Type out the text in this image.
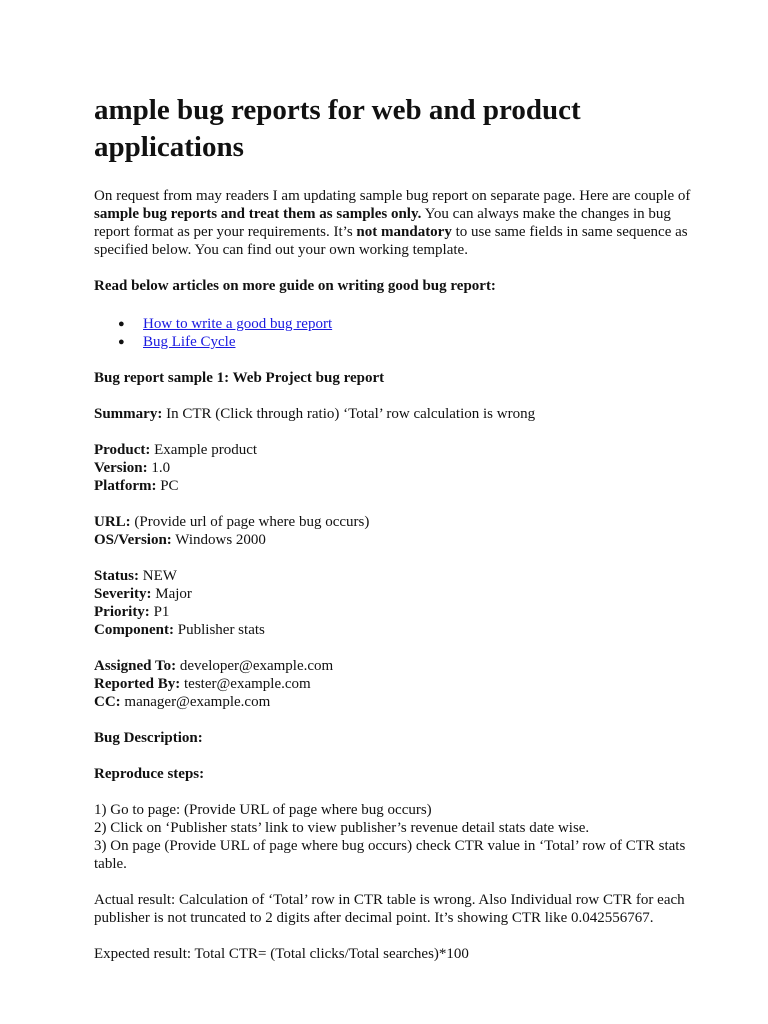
ample bug reports for web and product applications

On request from may readers I am updating sample bug report on separate page. Here are couple of sample bug reports and treat them as samples only. You can always make the changes in bug report format as per your requirements. It’s not mandatory to use same fields in same sequence as specified below. You can find out your own working template.

Read below articles on more guide on writing good bug report:

● How to write a good bug report
● Bug Life Cycle

Bug report sample 1: Web Project bug report

Summary: In CTR (Click through ratio) ‘Total’ row calculation is wrong

Product: Example product

Version: 1.0

Platform: PC

URL: (Provide url of page where bug occurs)

OS/Version: Windows 2000

Status: NEW

Severity: Major

Priority: P1

Component: Publisher stats

Assigned To: developer@example.com

Reported By: tester@example.com

CC: manager@example.com

Bug Description:

Reproduce steps:

1) Go to page: (Provide URL of page where bug occurs)

2) Click on ‘Publisher stats’ link to view publisher’s revenue detail stats date wise.

3) On page (Provide URL of page where bug occurs) check CTR value in ‘Total’ row of CTR stats table.

Actual result: Calculation of ‘Total’ row in CTR table is wrong. Also Individual row CTR for each publisher is not truncated to 2 digits after decimal point. It’s showing CTR like 0.042556767.

Expected result: Total CTR= (Total clicks/Total searches)*100
